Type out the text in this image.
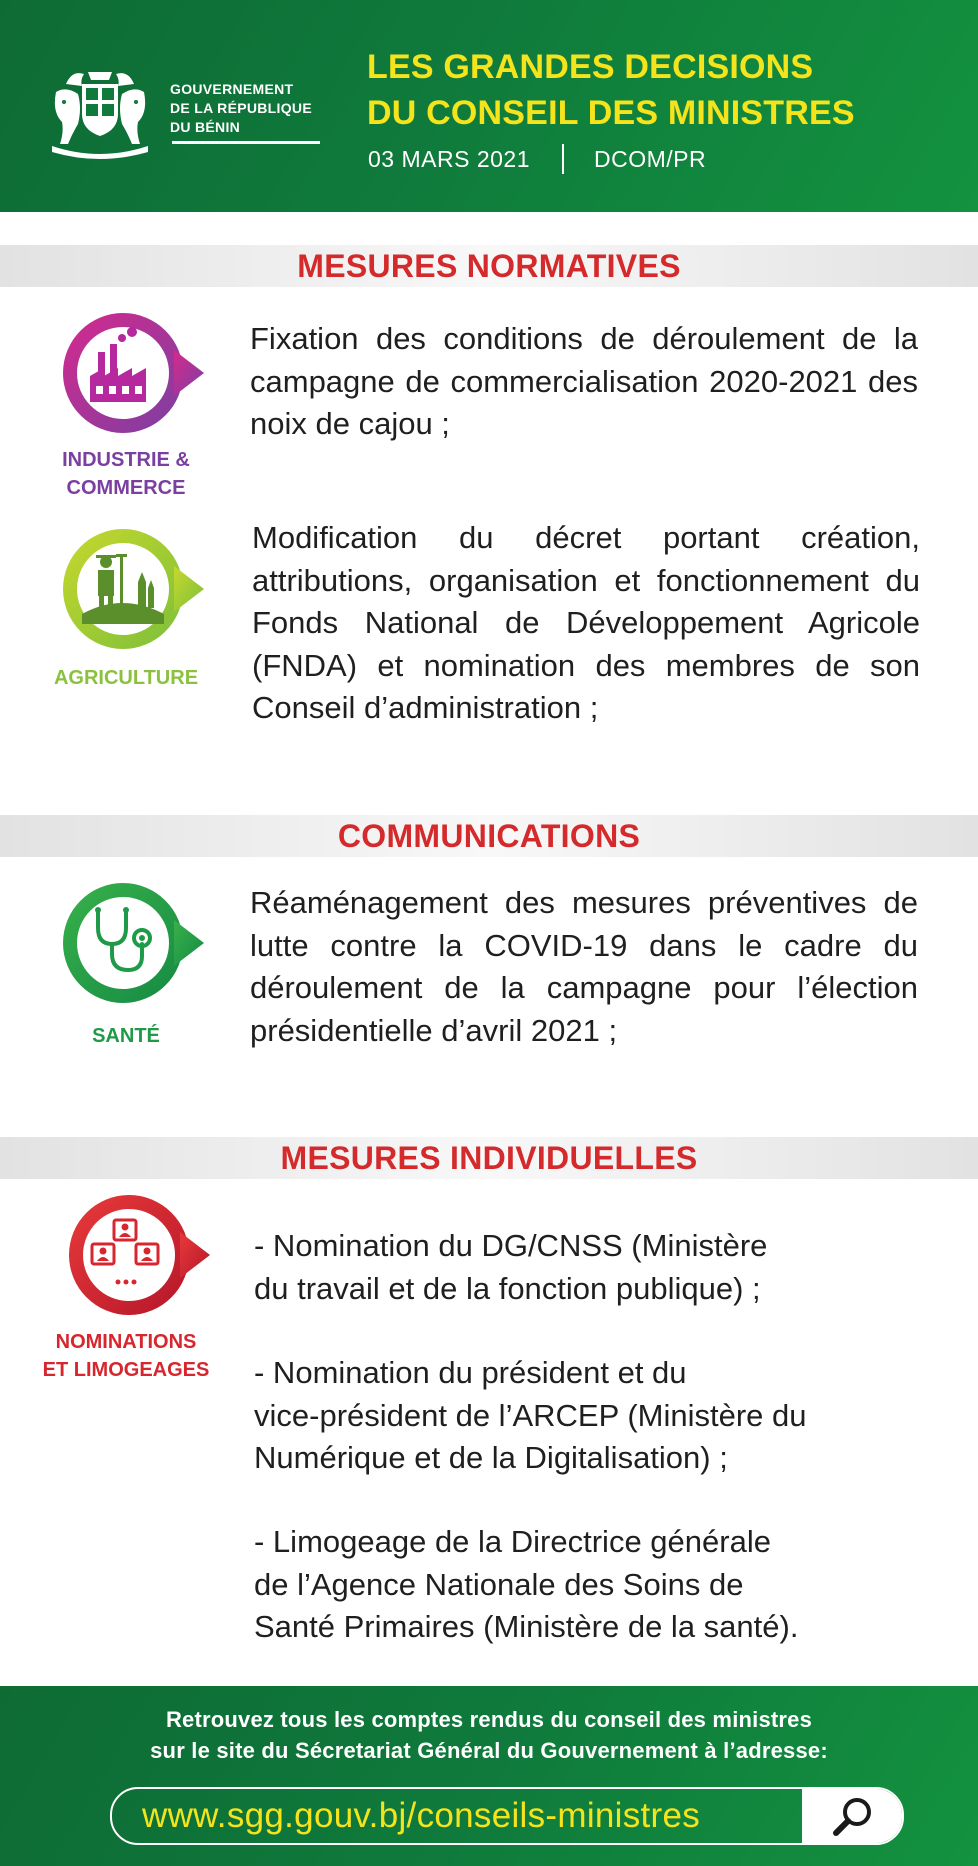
GOUVERNEMENT
DE LA RÉPUBLIQUE
DU BÉNIN
LES GRANDES DECISIONS
DU CONSEIL DES MINISTRES
03 MARS 2021	DCOM/PR
MESURES NORMATIVES
INDUSTRIE &
COMMERCE
Fixation des conditions de déroulement de la campagne de commercialisation 2020-2021 des noix de cajou ;
AGRICULTURE
Modification du décret portant création, attributions, organisation et fonctionnement du Fonds National de Développement Agricole (FNDA) et nomination des membres de son Conseil d’administration ;
COMMUNICATIONS
SANTÉ
Réaménagement des mesures préventives de lutte contre la COVID-19 dans le cadre du déroulement de la campagne pour l’élection présidentielle d’avril 2021 ;
MESURES INDIVIDUELLES
NOMINATIONS
ET LIMOGEAGES
- Nomination du DG/CNSS (Ministère
du travail et de la fonction publique) ;
- Nomination du président et du
vice-président de l’ARCEP (Ministère du
Numérique et de la Digitalisation) ;
- Limogeage de la Directrice générale
de l’Agence Nationale des Soins de
Santé Primaires (Ministère de la santé).
Retrouvez tous les comptes rendus du conseil des ministres
sur le site du Sécretariat Général du Gouvernement à l’adresse:
www.sgg.gouv.bj/conseils-ministres
